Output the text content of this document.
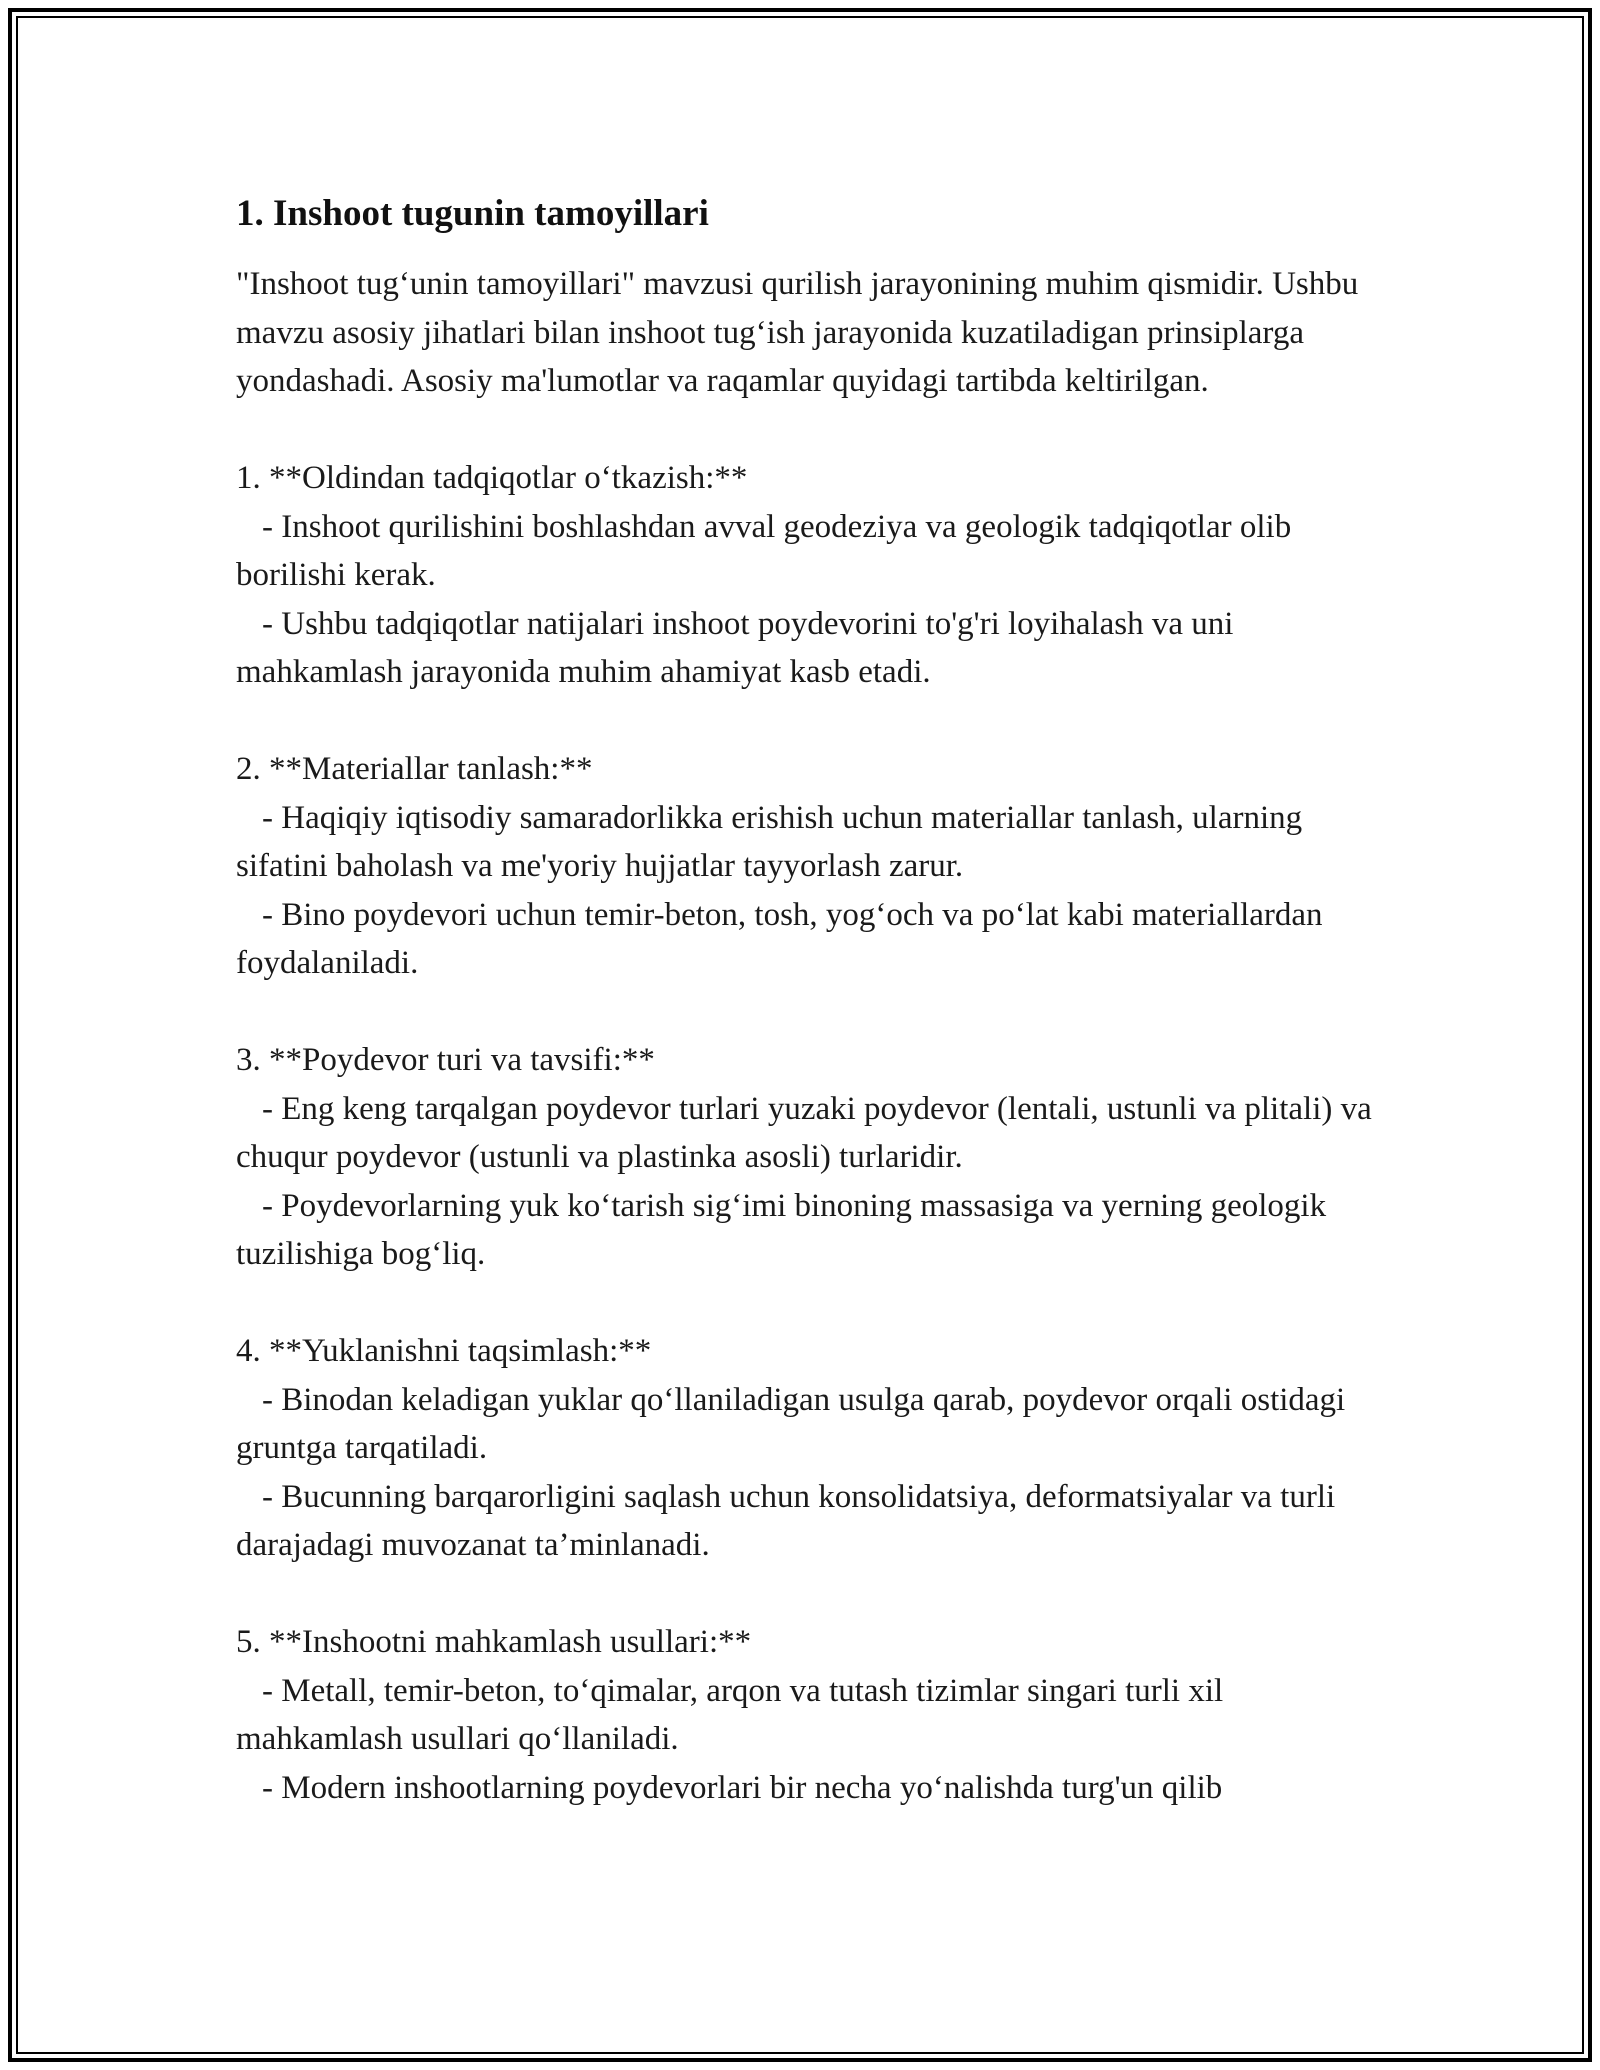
1. Inshoot tugunin tamoyillari

"Inshoot tug‘unin tamoyillari" mavzusi qurilish jarayonining muhim qismidir. Ushbu mavzu asosiy jihatlari bilan inshoot tug‘ish jarayonida kuzatiladigan prinsiplarga yondashadi. Asosiy ma'lumotlar va raqamlar quyidagi tartibda keltirilgan.

1. **Oldindan tadqiqotlar o‘tkazish:**

- Inshoot qurilishini boshlashdan avval geodeziya va geologik tadqiqotlar olib borilishi kerak.

- Ushbu tadqiqotlar natijalari inshoot poydevorini to'g'ri loyihalash va uni mahkamlash jarayonida muhim ahamiyat kasb etadi.

2. **Materiallar tanlash:**

- Haqiqiy iqtisodiy samaradorlikka erishish uchun materiallar tanlash, ularning sifatini baholash va me'yoriy hujjatlar tayyorlash zarur.

- Bino poydevori uchun temir-beton, tosh, yog‘och va po‘lat kabi materiallardan foydalaniladi.

3. **Poydevor turi va tavsifi:**

- Eng keng tarqalgan poydevor turlari yuzaki poydevor (lentali, ustunli va plitali) va chuqur poydevor (ustunli va plastinka asosli) turlaridir.

- Poydevorlarning yuk ko‘tarish sig‘imi binoning massasiga va yerning geologik tuzilishiga bog‘liq.

4. **Yuklanishni taqsimlash:**

- Binodan keladigan yuklar qo‘llaniladigan usulga qarab, poydevor orqali ostidagi gruntga tarqatiladi.

- Bucunning barqarorligini saqlash uchun konsolidatsiya, deformatsiyalar va turli darajadagi muvozanat ta’minlanadi.

5. **Inshootni mahkamlash usullari:**

- Metall, temir-beton, to‘qimalar, arqon va tutash tizimlar singari turli xil mahkamlash usullari qo‘llaniladi.

- Modern inshootlarning poydevorlari bir necha yo‘nalishda turg'un qilib
